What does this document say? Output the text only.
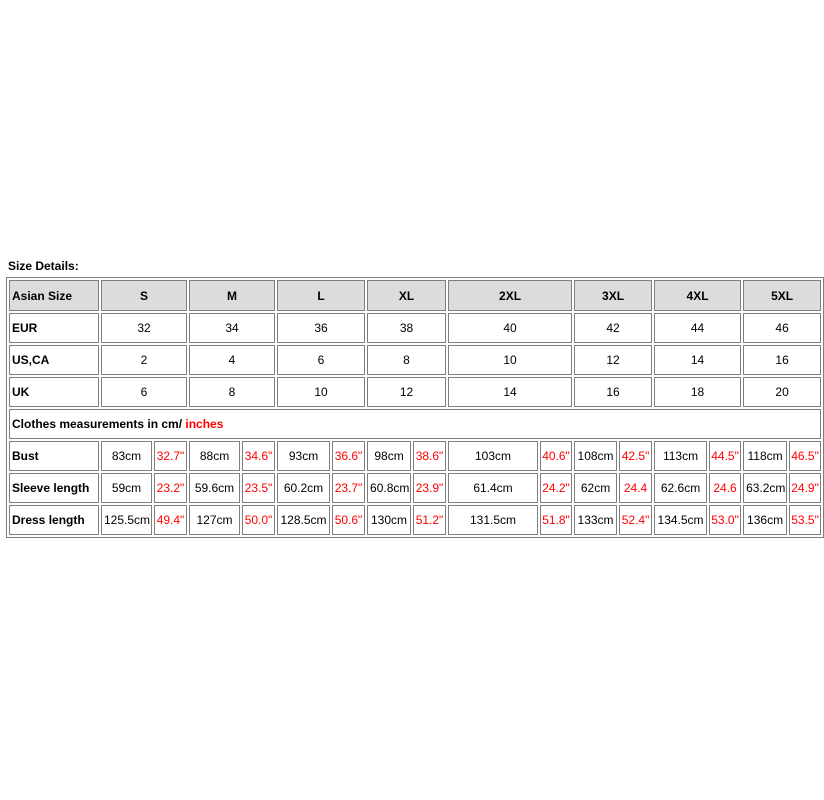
Size Details:
Asian Size	S		M		L		XL		2XL		3XL		4XL		5XL	
EUR	32		34		36		38		40		42		44		46	
US,CA	2		4		6		8		10		12		14		16	
UK	6		8		10		12		14		16		18		20	
Clothes measurements in cm/ inches																
Bust	83cm	32.7"	88cm	34.6"	93cm	36.6"	98cm	38.6"	103cm	40.6"	108cm	42.5"	113cm	44.5"	118cm	46.5"
Sleeve length	59cm	23.2"	59.6cm	23.5"	60.2cm	23.7"	60.8cm	23.9"	61.4cm	24.2"	62cm	24.4	62.6cm	24.6	63.2cm	24.9"
Dress length	125.5cm	49.4"	127cm	50.0"	128.5cm	50.6"	130cm	51.2"	131.5cm	51.8"	133cm	52.4"	134.5cm	53.0"	136cm	53.5"
